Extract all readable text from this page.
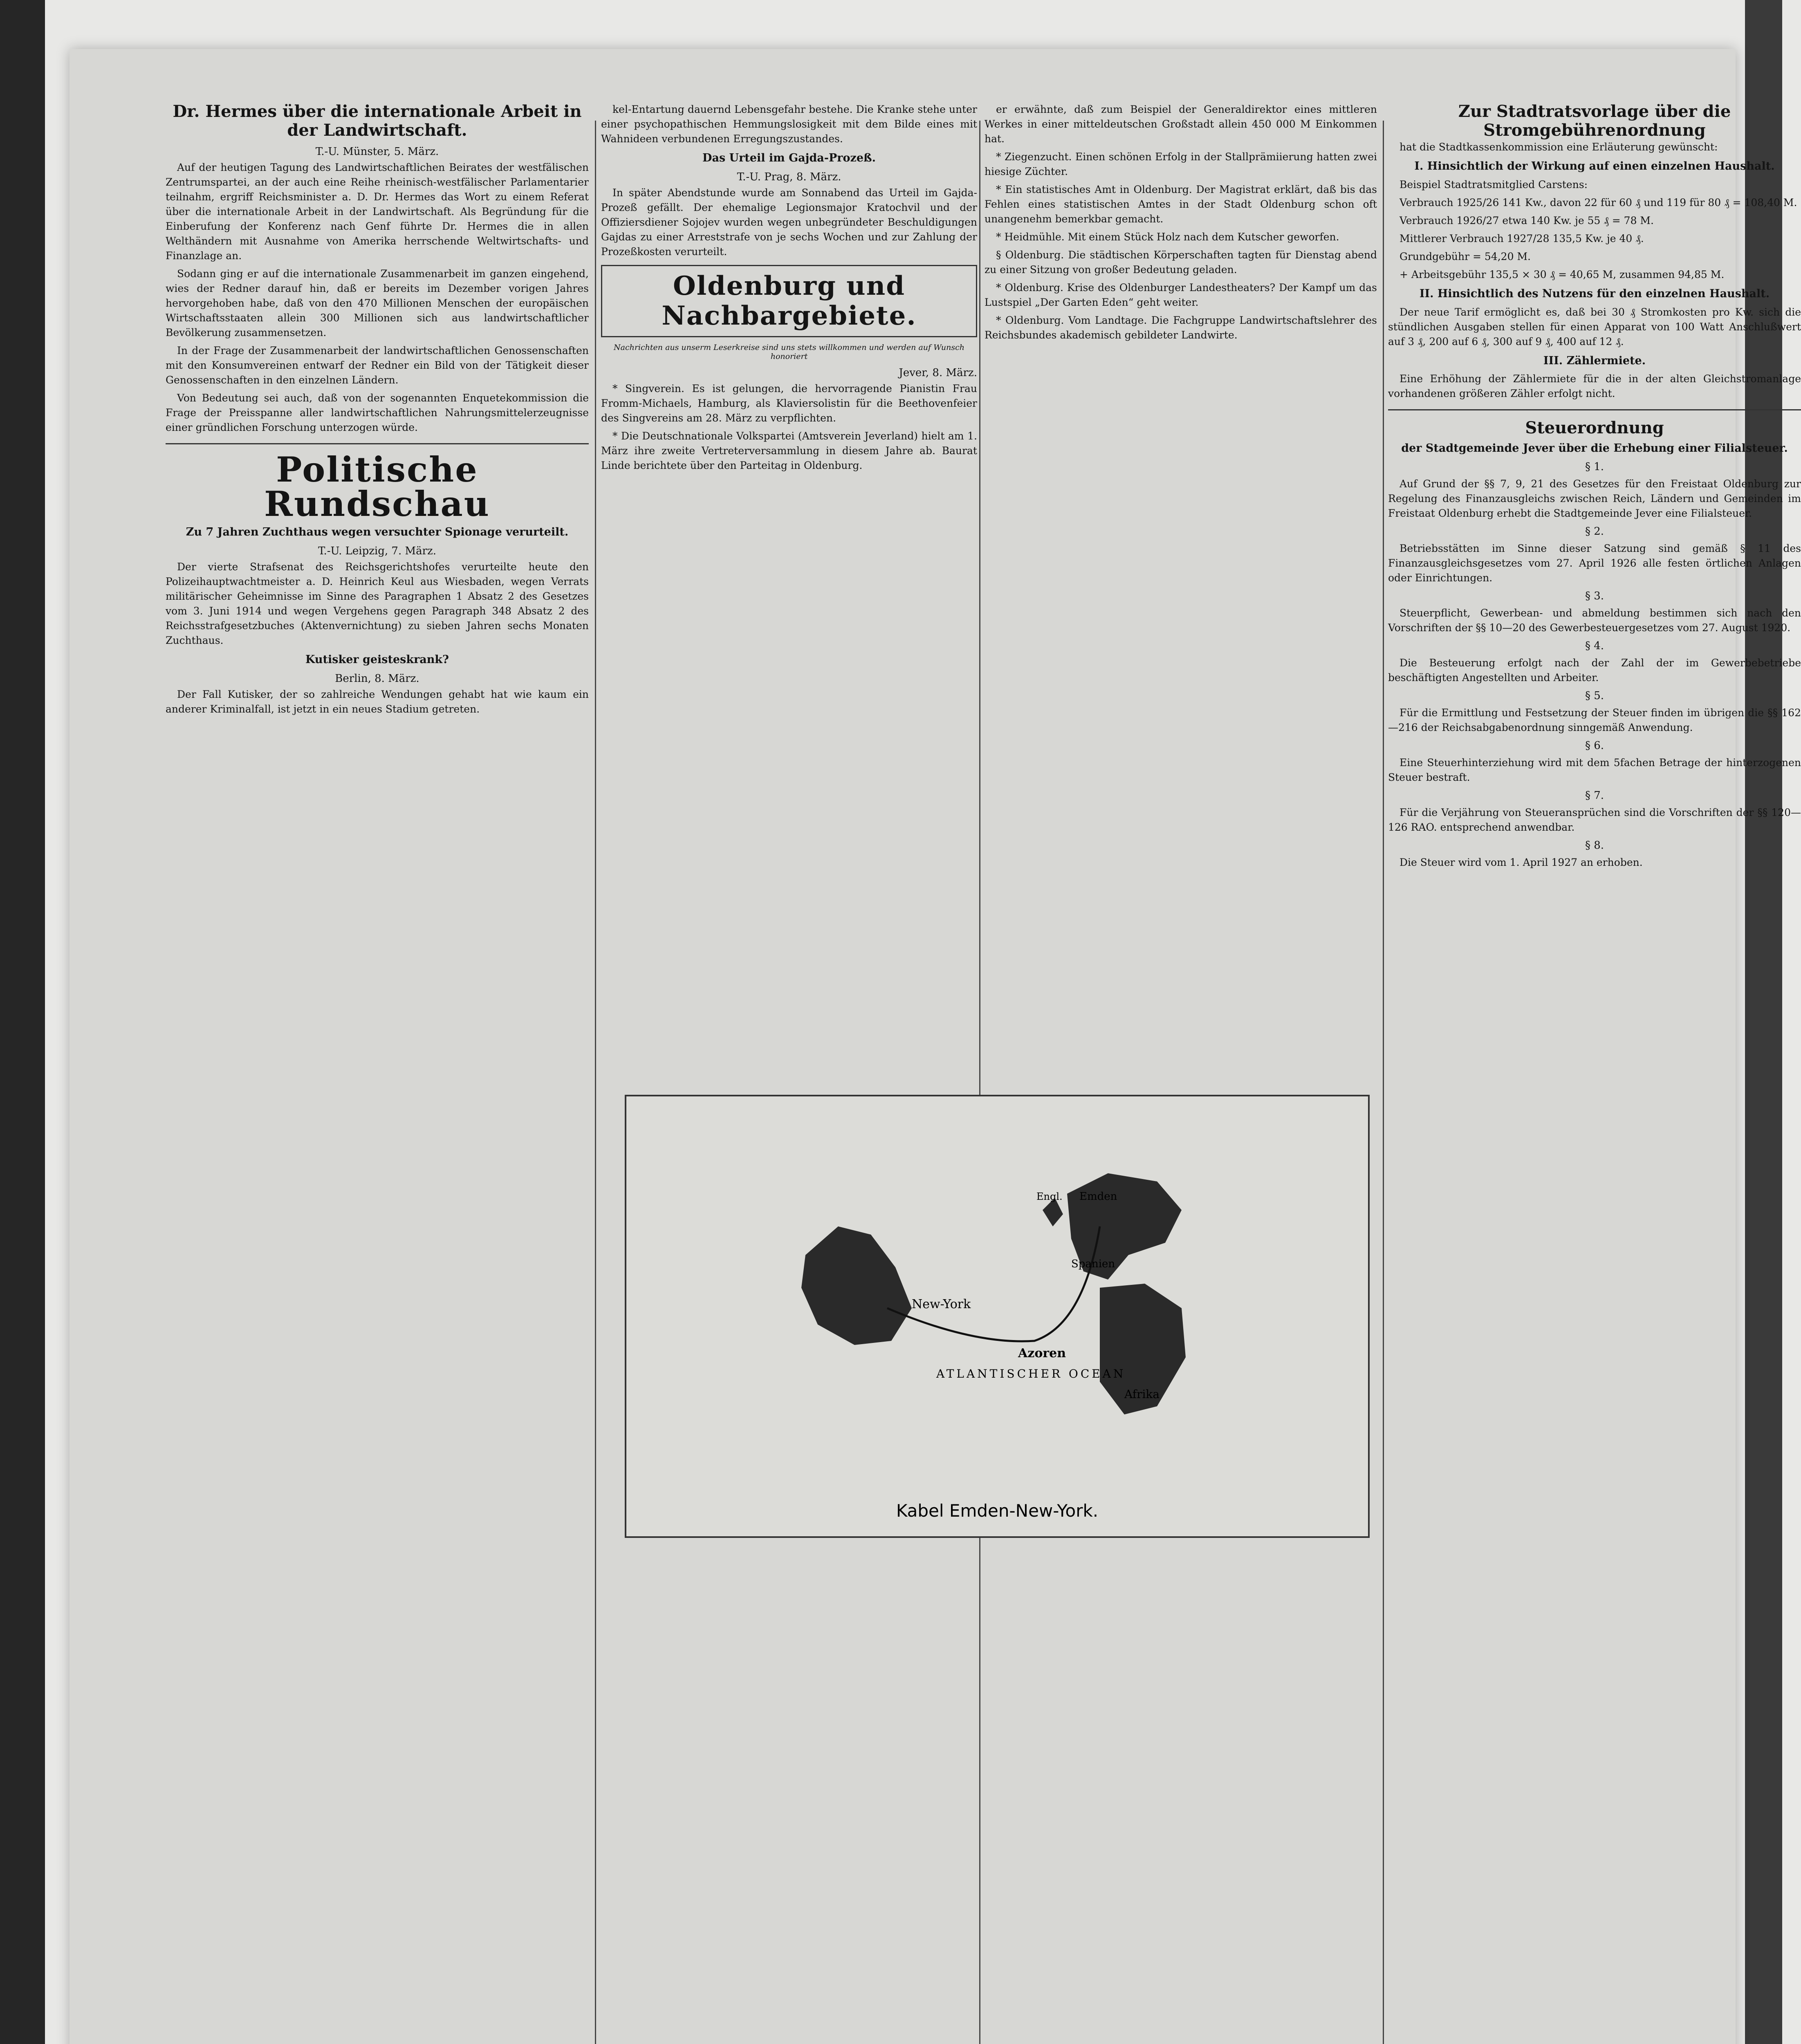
Dr. Hermes über die internationale Arbeit in der Landwirtschaft.
T.-U. Münster, 5. März.

Auf der heutigen Tagung des Landwirtschaftlichen Beirates der westfälischen Zentrumspartei, an der auch eine Reihe rheinisch-westfälischer Parlamentarier teilnahm, ergriff Reichsminister a. D. Dr. Hermes das Wort zu einem Referat über die internationale Arbeit in der Landwirtschaft. Als Begründung für die Einberufung der Konferenz nach Genf führte Dr. Hermes die in allen Welthändern mit Ausnahme von Amerika herrschende Weltwirtschafts- und Finanzlage an.

Sodann ging er auf die internationale Zusammenarbeit im ganzen eingehend, wies der Redner darauf hin, daß er bereits im Dezember vorigen Jahres hervorgehoben habe, daß von den 470 Millionen Menschen der europäischen Wirtschaftsstaaten allein 300 Millionen sich aus landwirtschaftlicher Bevölkerung zusammensetzen.

In der Frage der Zusammenarbeit der landwirtschaftlichen Genossenschaften mit den Konsumvereinen entwarf der Redner ein Bild von der Tätigkeit dieser Genossenschaften in den einzelnen Ländern.

Von Bedeutung sei auch, daß von der sogenannten Enquetekommission die Frage der Preisspanne aller landwirtschaftlichen Nahrungsmittelerzeugnisse einer gründlichen Forschung unterzogen würde.

Politische Rundschau
Zu 7 Jahren Zuchthaus wegen versuchter Spionage verurteilt.
T.-U. Leipzig, 7. März.

Der vierte Strafsenat des Reichsgerichtshofes verurteilte heute den Polizeihauptwachtmeister a. D. Heinrich Keul aus Wiesbaden, wegen Verrats militärischer Geheimnisse im Sinne des Paragraphen 1 Absatz 2 des Gesetzes vom 3. Juni 1914 und wegen Vergehens gegen Paragraph 348 Absatz 2 des Reichsstrafgesetzbuches (Aktenvernichtung) zu sieben Jahren sechs Monaten Zuchthaus.

Kutisker geisteskrank?
Berlin, 8. März.

Der Fall Kutisker, der so zahlreiche Wendungen gehabt hat wie kaum ein anderer Kriminalfall, ist jetzt in ein neues Stadium getreten.

kel-Entartung dauernd Lebensgefahr bestehe. Die Kranke stehe unter einer psychopathischen Hemmungslosigkeit mit dem Bilde eines mit Wahnideen verbundenen Erregungszustandes.

Das Urteil im Gajda-Prozeß.
T.-U. Prag, 8. März.

In später Abendstunde wurde am Sonnabend das Urteil im Gajda-Prozeß gefällt. Der ehemalige Legionsmajor Kratochvil und der Offiziersdiener Sojojev wurden wegen unbegründeter Beschuldigungen Gajdas zu einer Arreststrafe von je sechs Wochen und zur Zahlung der Prozeßkosten verurteilt.

Oldenburg und Nachbargebiete.
Nachrichten aus unserm Leserkreise sind uns stets willkommen und werden auf Wunsch honoriert
Jever, 8. März.

* Singverein. Es ist gelungen, die hervorragende Pianistin Frau Fromm-Michaels, Hamburg, als Klaviersolistin für die Beethovenfeier des Singvereins am 28. März zu verpflichten.

* Die Deutschnationale Volkspartei (Amtsverein Jeverland) hielt am 1. März ihre zweite Vertreterversammlung in diesem Jahre ab. Baurat Linde berichtete über den Parteitag in Oldenburg.

er erwähnte, daß zum Beispiel der Generaldirektor eines mittleren Werkes in einer mitteldeutschen Großstadt allein 450 000 M Einkommen hat.

* Ziegenzucht. Einen schönen Erfolg in der Stallprämiierung hatten zwei hiesige Züchter.

* Ein statistisches Amt in Oldenburg. Der Magistrat erklärt, daß bis das Fehlen eines statistischen Amtes in der Stadt Oldenburg schon oft unangenehm bemerkbar gemacht.

* Heidmühle. Mit einem Stück Holz nach dem Kutscher geworfen.

§ Oldenburg. Die städtischen Körperschaften tagten für Dienstag abend zu einer Sitzung von großer Bedeutung geladen.

* Oldenburg. Krise des Oldenburger Landestheaters? Der Kampf um das Lustspiel „Der Garten Eden“ geht weiter.

* Oldenburg. Vom Landtage. Die Fachgruppe Landwirtschaftslehrer des Reichsbundes akademisch gebildeter Landwirte.

Zur Stadtratsvorlage über die Stromgebührenordnung

hat die Stadtkassenkommission eine Erläuterung gewünscht:

I. Hinsichtlich der Wirkung auf einen einzelnen Haushalt.

Beispiel Stadtratsmitglied Carstens:

Verbrauch 1925/26 141 Kw., davon 22 für 60 ₰ und 119 für 80 ₰ = 108,40 M.

Verbrauch 1926/27 etwa 140 Kw. je 55 ₰ = 78 M.

Mittlerer Verbrauch 1927/28 135,5 Kw. je 40 ₰.

Grundgebühr = 54,20 M.

+ Arbeitsgebühr 135,5 × 30 ₰ = 40,65 M, zusammen 94,85 M.

II. Hinsichtlich des Nutzens für den einzelnen Haushalt.

Der neue Tarif ermöglicht es, daß bei 30 ₰ Stromkosten pro Kw. sich die stündlichen Ausgaben stellen für einen Apparat von 100 Watt Anschlußwert auf 3 ₰, 200 auf 6 ₰, 300 auf 9 ₰, 400 auf 12 ₰.

III. Zählermiete.

Eine Erhöhung der Zählermiete für die in der alten Gleichstromanlage vorhandenen größeren Zähler erfolgt nicht.

Steuerordnung
der Stadtgemeinde Jever über die Erhebung einer Filialsteuer.
§ 1.

Auf Grund der §§ 7, 9, 21 des Gesetzes für den Freistaat Oldenburg zur Regelung des Finanzausgleichs zwischen Reich, Ländern und Gemeinden im Freistaat Oldenburg erhebt die Stadtgemeinde Jever eine Filialsteuer.

§ 2.

Betriebsstätten im Sinne dieser Satzung sind gemäß § 11 des Finanzausgleichsgesetzes vom 27. April 1926 alle festen örtlichen Anlagen oder Einrichtungen.

§ 3.

Steuerpflicht, Gewerbean- und abmeldung bestimmen sich nach den Vorschriften der §§ 10—20 des Gewerbesteuergesetzes vom 27. August 1920.

§ 4.

Die Besteuerung erfolgt nach der Zahl der im Gewerbebetriebe beschäftigten Angestellten und Arbeiter.

§ 5.

Für die Ermittlung und Festsetzung der Steuer finden im übrigen die §§ 162—216 der Reichsabgabenordnung sinngemäß Anwendung.

§ 6.

Eine Steuerhinterziehung wird mit dem 5fachen Betrage der hinterzogenen Steuer bestraft.

§ 7.

Für die Verjährung von Steueransprüchen sind die Vorschriften der §§ 120—126 RAO. entsprechend anwendbar.

§ 8.

Die Steuer wird vom 1. April 1927 an erhoben.

New-York
Emden
Engl.
Spanien
Azoren
ATLANTISCHER OCEAN
Afrika
Kabel Emden-New-York.
